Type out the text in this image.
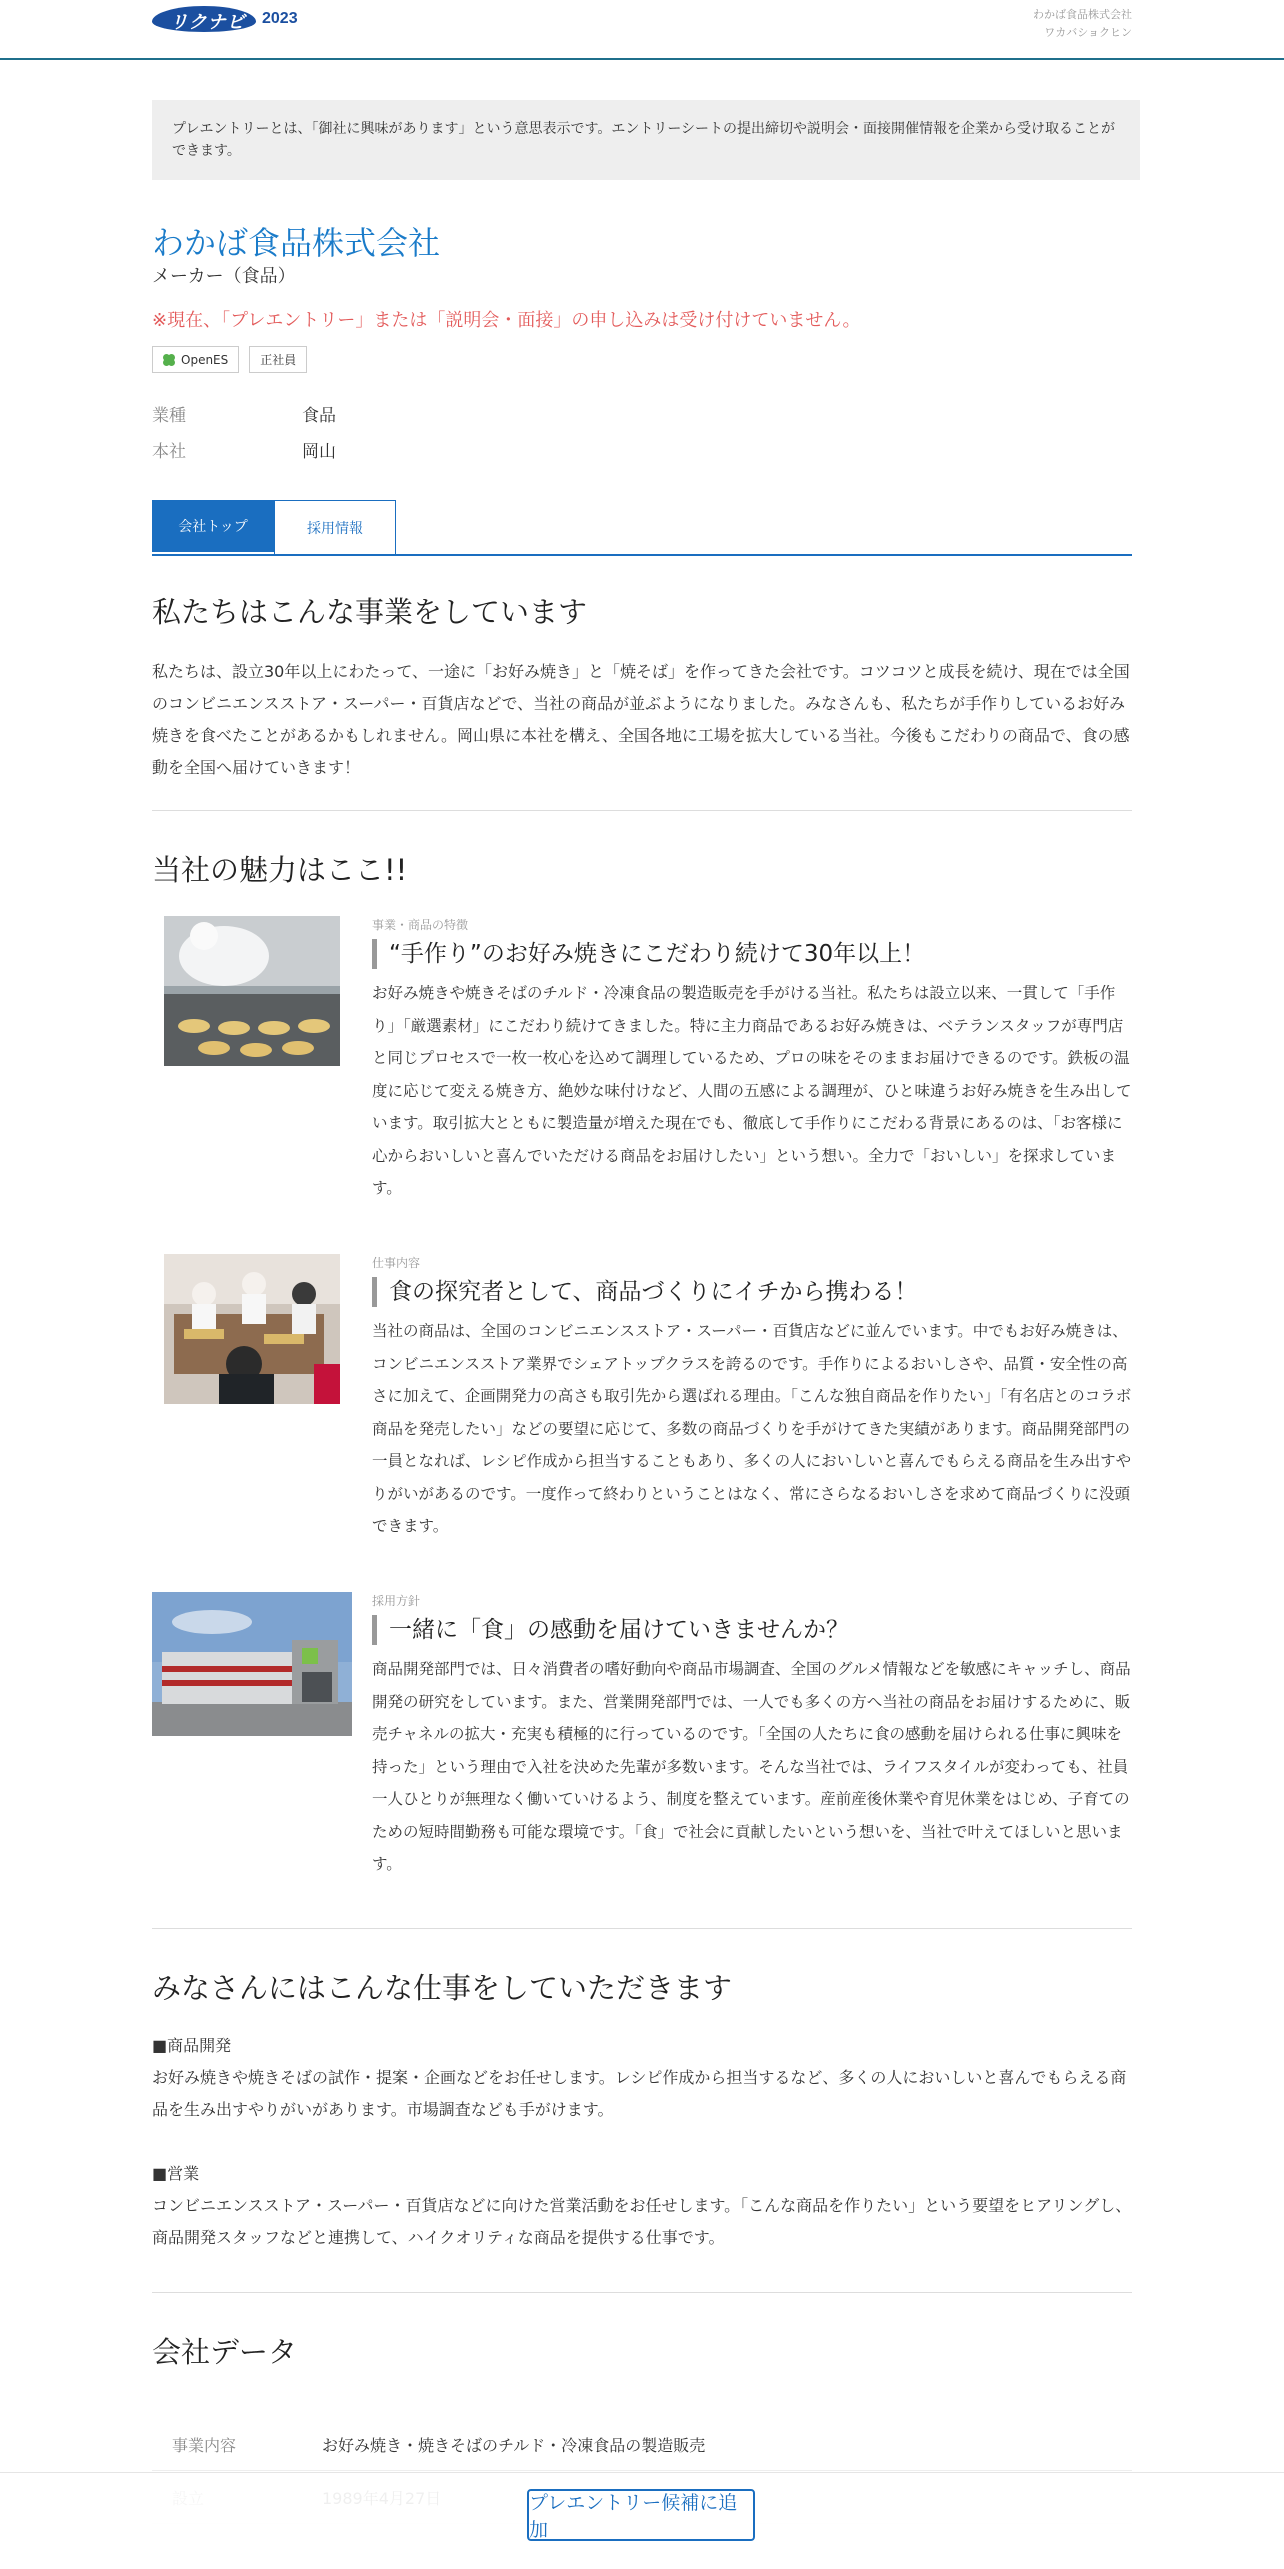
リクナビ 2023	わかば食品株式会社
ワカバショクヒン
プレエントリーとは、「御社に興味があります」という意思表示です。エントリーシートの提出締切や説明会・面接開催情報を企業から受け取ることができます。
わかば食品株式会社
メーカー（食品）
※現在、「プレエントリー」または「説明会・面接」の申し込みは受け付けていません。
OpenES	正社員
業種	食品
本社	岡山
会社トップ	採用情報
私たちはこんな事業をしています

私たちは、設立30年以上にわたって、一途に「お好み焼き」と「焼そば」を作ってきた会社です。コツコツと成長を続け、現在では全国のコンビニエンスストア・スーパー・百貨店などで、当社の商品が並ぶようになりました。みなさんも、私たちが手作りしているお好み焼きを食べたことがあるかもしれません。岡山県に本社を構え、全国各地に工場を拡大している当社。今後もこだわりの商品で、食の感動を全国へ届けていきます！

当社の魅力はここ!!
事業・商品の特徴
“手作り”のお好み焼きにこだわり続けて30年以上！
お好み焼きや焼きそばのチルド・冷凍食品の製造販売を手がける当社。私たちは設立以来、一貫して「手作り」「厳選素材」にこだわり続けてきました。特に主力商品であるお好み焼きは、ベテランスタッフが専門店と同じプロセスで一枚一枚心を込めて調理しているため、プロの味をそのままお届けできるのです。鉄板の温度に応じて変える焼き方、絶妙な味付けなど、人間の五感による調理が、ひと味違うお好み焼きを生み出しています。取引拡大とともに製造量が増えた現在でも、徹底して手作りにこだわる背景にあるのは、「お客様に心からおいしいと喜んでいただける商品をお届けしたい」という想い。全力で「おいしい」を探求しています。
仕事内容
食の探究者として、商品づくりにイチから携わる！
当社の商品は、全国のコンビニエンスストア・スーパー・百貨店などに並んでいます。中でもお好み焼きは、コンビニエンスストア業界でシェアトップクラスを誇るのです。手作りによるおいしさや、品質・安全性の高さに加えて、企画開発力の高さも取引先から選ばれる理由。「こんな独自商品を作りたい」「有名店とのコラボ商品を発売したい」などの要望に応じて、多数の商品づくりを手がけてきた実績があります。商品開発部門の一員となれば、レシピ作成から担当することもあり、多くの人においしいと喜んでもらえる商品を生み出すやりがいがあるのです。一度作って終わりということはなく、常にさらなるおいしさを求めて商品づくりに没頭できます。
採用方針
一緒に「食」の感動を届けていきませんか？
商品開発部門では、日々消費者の嗜好動向や商品市場調査、全国のグルメ情報などを敏感にキャッチし、商品開発の研究をしています。また、営業開発部門では、一人でも多くの方へ当社の商品をお届けするために、販売チャネルの拡大・充実も積極的に行っているのです。「全国の人たちに食の感動を届けられる仕事に興味を持った」という理由で入社を決めた先輩が多数います。そんな当社では、ライフスタイルが変わっても、社員一人ひとりが無理なく働いていけるよう、制度を整えています。産前産後休業や育児休業をはじめ、子育てのための短時間勤務も可能な環境です。「食」で社会に貢献したいという想いを、当社で叶えてほしいと思います。
みなさんにはこんな仕事をしていただきます
■商品開発
お好み焼きや焼きそばの試作・提案・企画などをお任せします。レシピ作成から担当するなど、多くの人においしいと喜んでもらえる商品を生み出すやりがいがあります。市場調査なども手がけます。
■営業
コンビニエンスストア・スーパー・百貨店などに向けた営業活動をお任せします。「こんな商品を作りたい」という要望をヒアリングし、商品開発スタッフなどと連携して、ハイクオリティな商品を提供する仕事です。
会社データ
事業内容	お好み焼き・焼きそばのチルド・冷凍食品の製造販売
プレエントリー候補に追加
